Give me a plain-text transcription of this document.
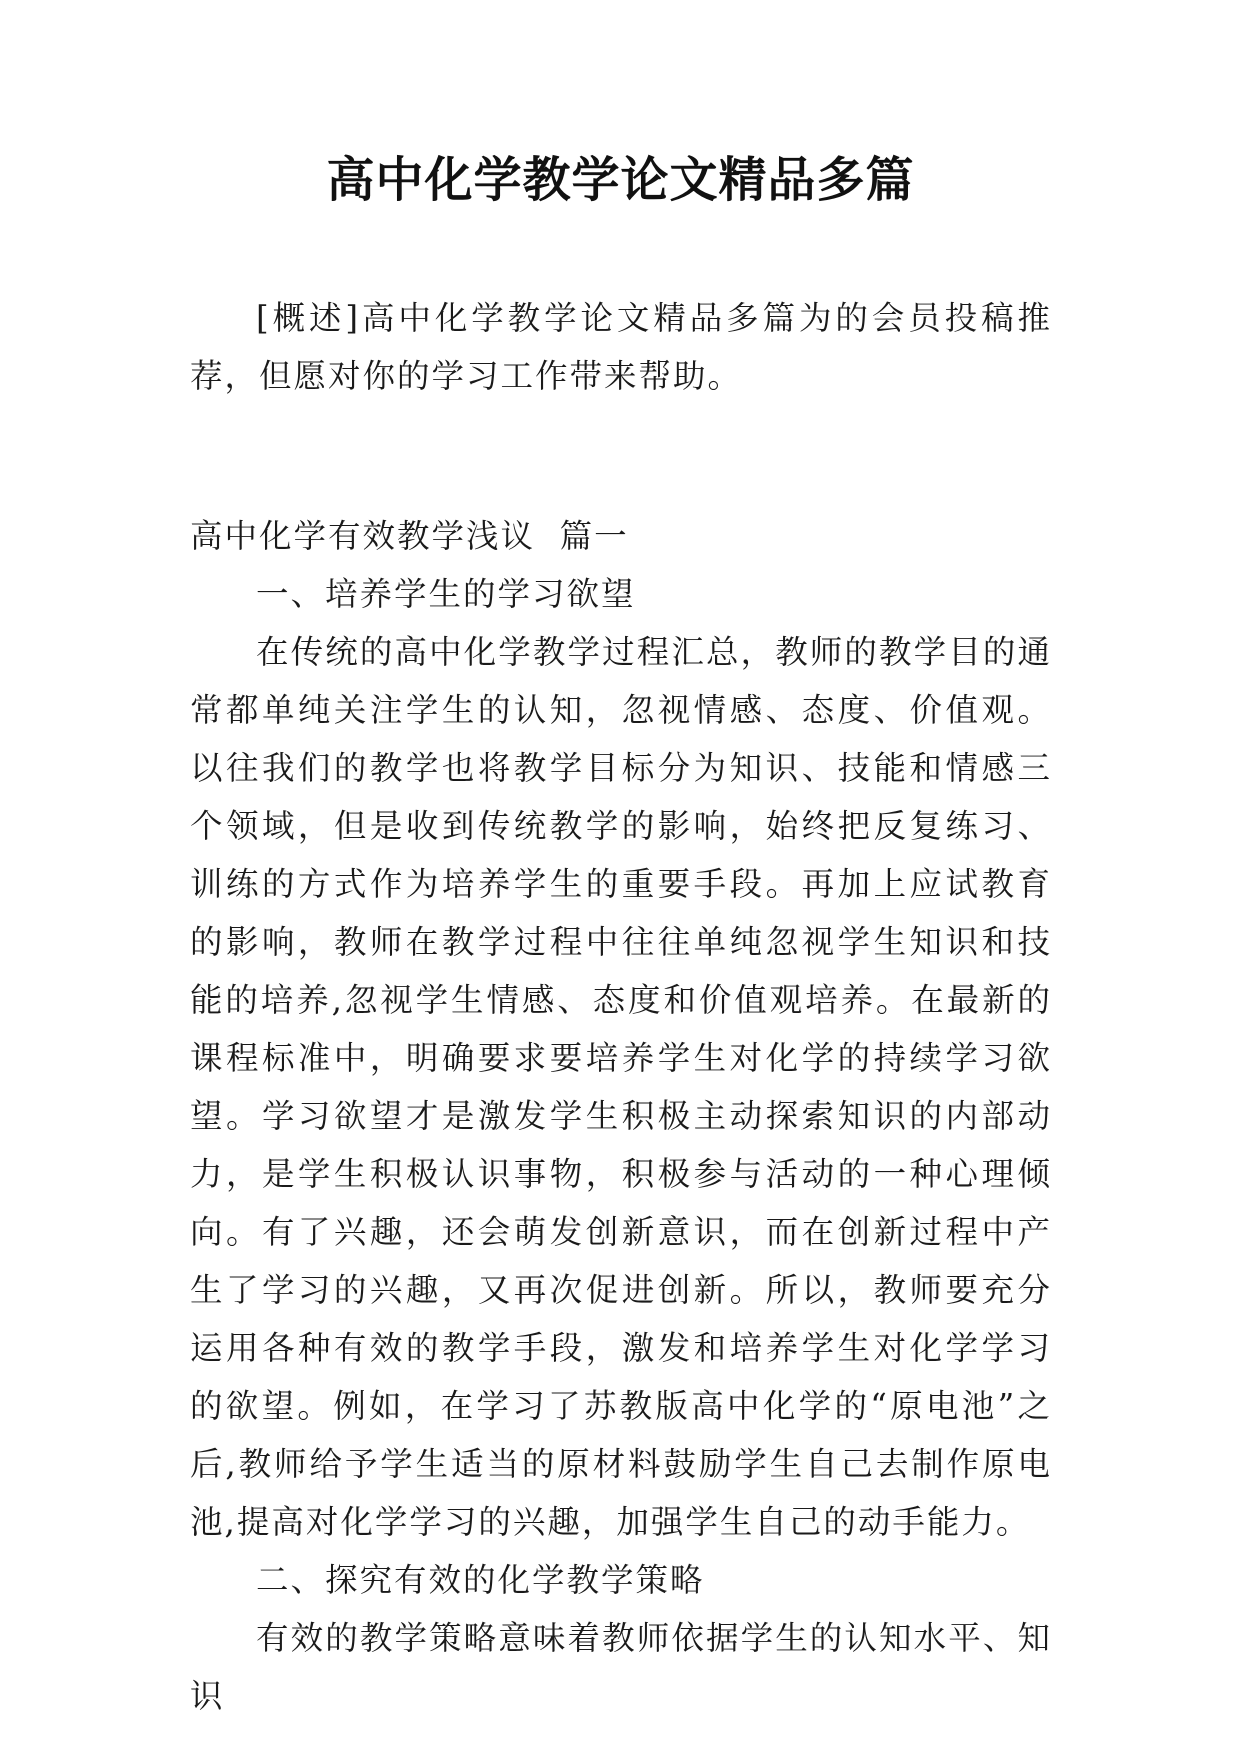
高中化学教学论文精品多篇
[概述]高中化学教学论文精品多篇为的会员投稿推荐，但愿对你的学习工作带来帮助。
高中化学有效教学浅议  篇一

一、培养学生的学习欲望

在传统的高中化学教学过程汇总，教师的教学目的通常都单纯关注学生的认知，忽视情感、态度、价值观。以往我们的教学也将教学目标分为知识、技能和情感三个领域，但是收到传统教学的影响，始终把反复练习、训练的方式作为培养学生的重要手段。再加上应试教育的影响，教师在教学过程中往往单纯忽视学生知识和技能的培养,忽视学生情感、态度和价值观培养。在最新的课程标准中，明确要求要培养学生对化学的持续学习欲望。学习欲望才是激发学生积极主动探索知识的内部动力，是学生积极认识事物，积极参与活动的一种心理倾向。有了兴趣，还会萌发创新意识，而在创新过程中产生了学习的兴趣，又再次促进创新。所以，教师要充分运用各种有效的教学手段，激发和培养学生对化学学习的欲望。例如，在学习了苏教版高中化学的“原电池”之后,教师给予学生适当的原材料鼓励学生自己去制作原电池,提高对化学学习的兴趣，加强学生自己的动手能力。

二、探究有效的化学教学策略

有效的教学策略意味着教师依据学生的认知水平、知识
